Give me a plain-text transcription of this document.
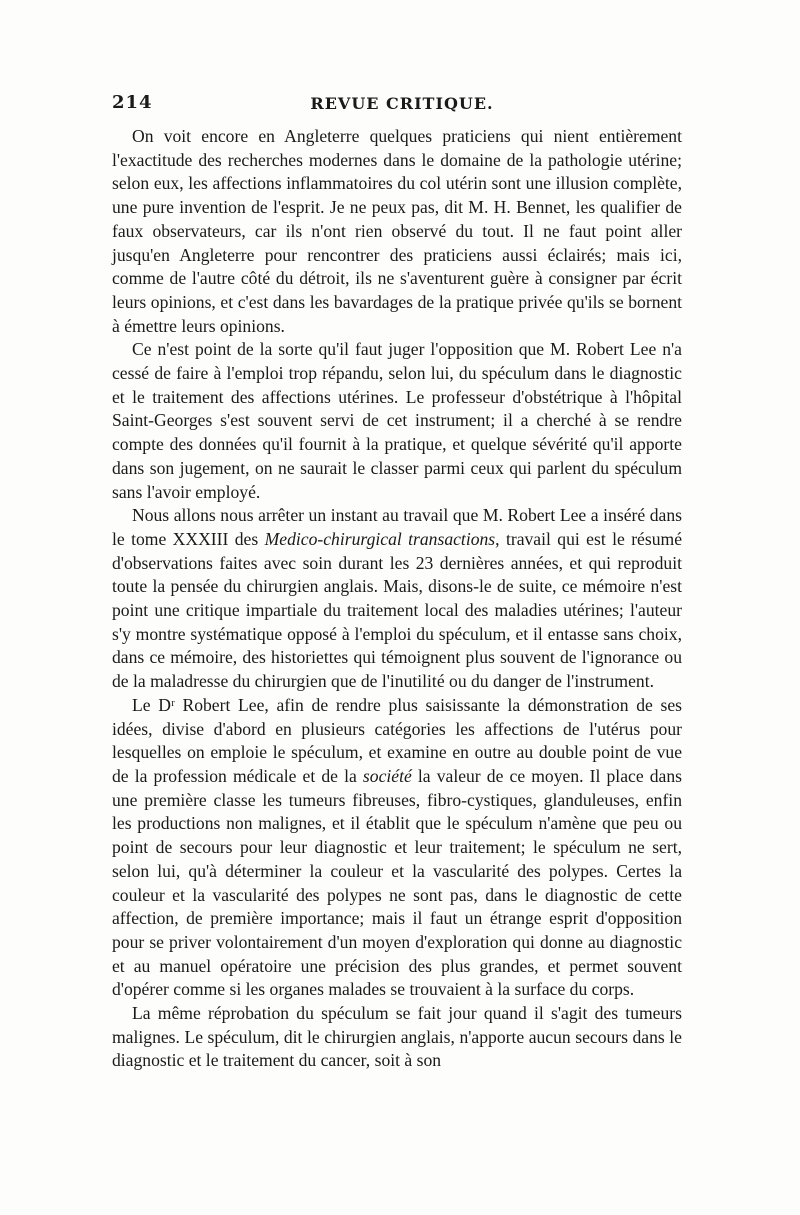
214	REVUE CRITIQUE.

On voit encore en Angleterre quelques praticiens qui nient entièrement l'exactitude des recherches modernes dans le domaine de la pathologie utérine; selon eux, les affections inflammatoires du col utérin sont une illusion complète, une pure invention de l'esprit. Je ne peux pas, dit M. H. Bennet, les qualifier de faux observateurs, car ils n'ont rien observé du tout. Il ne faut point aller jusqu'en Angleterre pour rencontrer des praticiens aussi éclairés; mais ici, comme de l'autre côté du détroit, ils ne s'aventurent guère à consigner par écrit leurs opinions, et c'est dans les bavardages de la pratique privée qu'ils se bornent à émettre leurs opinions.

Ce n'est point de la sorte qu'il faut juger l'opposition que M. Robert Lee n'a cessé de faire à l'emploi trop répandu, selon lui, du spéculum dans le diagnostic et le traitement des affections utérines. Le professeur d'obstétrique à l'hôpital Saint-Georges s'est souvent servi de cet instrument; il a cherché à se rendre compte des données qu'il fournit à la pratique, et quelque sévérité qu'il apporte dans son jugement, on ne saurait le classer parmi ceux qui parlent du spéculum sans l'avoir employé.

Nous allons nous arrêter un instant au travail que M. Robert Lee a inséré dans le tome XXXIII des Medico-chirurgical transactions, travail qui est le résumé d'observations faites avec soin durant les 23 dernières années, et qui reproduit toute la pensée du chirurgien anglais. Mais, disons-le de suite, ce mémoire n'est point une critique impartiale du traitement local des maladies utérines; l'auteur s'y montre systématique opposé à l'emploi du spéculum, et il entasse sans choix, dans ce mémoire, des historiettes qui témoignent plus souvent de l'ignorance ou de la maladresse du chirurgien que de l'inutilité ou du danger de l'instrument.

Le Dʳ Robert Lee, afin de rendre plus saisissante la démonstration de ses idées, divise d'abord en plusieurs catégories les affections de l'utérus pour lesquelles on emploie le spéculum, et examine en outre au double point de vue de la profession médicale et de la société la valeur de ce moyen. Il place dans une première classe les tumeurs fibreuses, fibro-cystiques, glanduleuses, enfin les productions non malignes, et il établit que le spéculum n'amène que peu ou point de secours pour leur diagnostic et leur traitement; le spéculum ne sert, selon lui, qu'à déterminer la couleur et la vascularité des polypes. Certes la couleur et la vascularité des polypes ne sont pas, dans le diagnostic de cette affection, de première importance; mais il faut un étrange esprit d'opposition pour se priver volontairement d'un moyen d'exploration qui donne au diagnostic et au manuel opératoire une précision des plus grandes, et permet souvent d'opérer comme si les organes malades se trouvaient à la surface du corps.

La même réprobation du spéculum se fait jour quand il s'agit des tumeurs malignes. Le spéculum, dit le chirurgien anglais, n'apporte aucun secours dans le diagnostic et le traitement du cancer, soit à son
